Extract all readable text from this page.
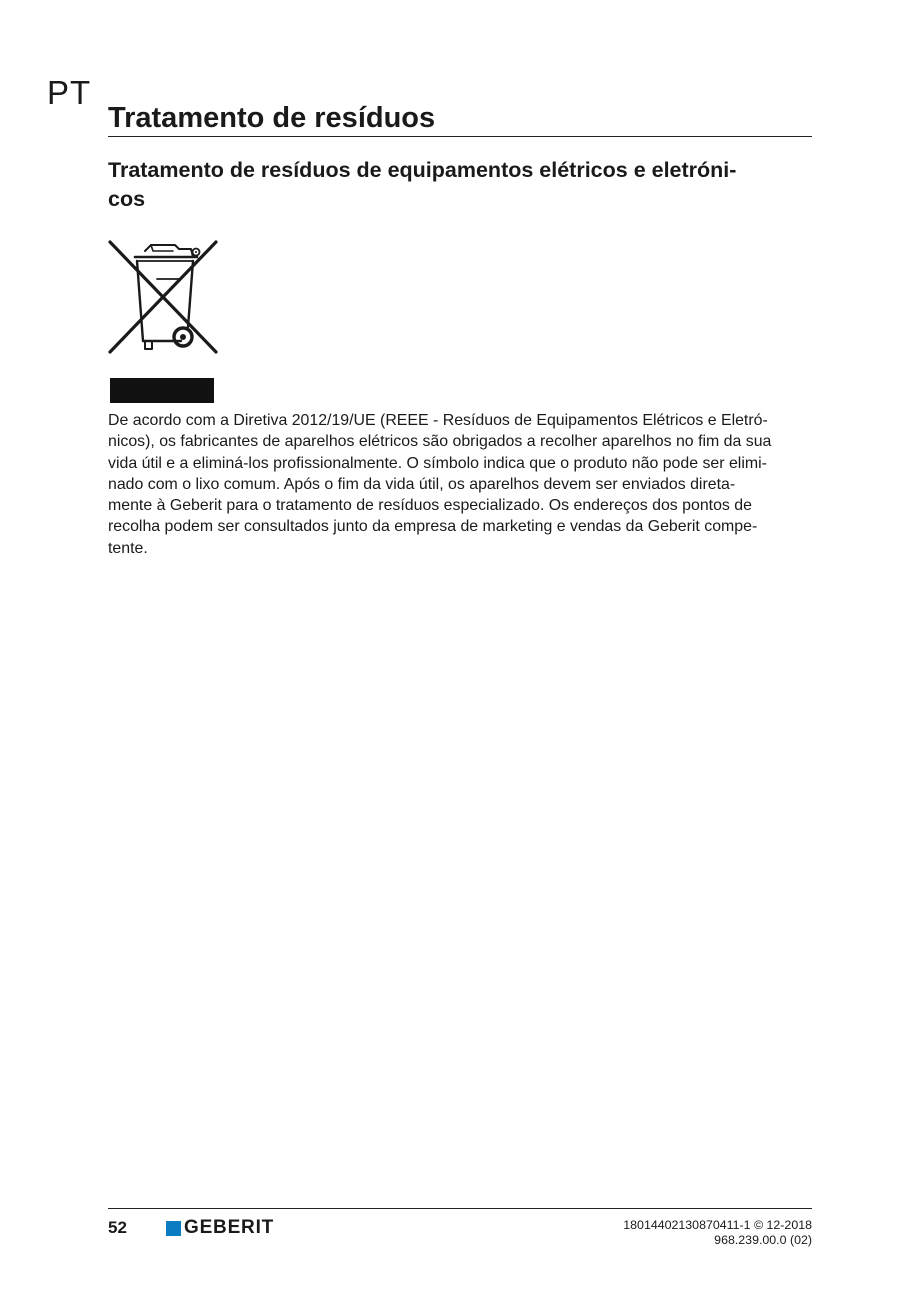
PT
Tratamento de resíduos
Tratamento de resíduos de equipamentos elétricos e eletróni-
cos

De acordo com a Diretiva 2012/19/UE (REEE - Resíduos de Equipamentos Elétricos e Eletró-
nicos), os fabricantes de aparelhos elétricos são obrigados a recolher aparelhos no fim da sua
vida útil e a eliminá-los profissionalmente. O símbolo indica que o produto não pode ser elimi-
nado com o lixo comum. Após o fim da vida útil, os aparelhos devem ser enviados direta-
mente à Geberit para o tratamento de resíduos especializado. Os endereços dos pontos de
recolha podem ser consultados junto da empresa de marketing e vendas da Geberit compe-
tente.

52	GEBERIT	18014402130870411-1 © 12-2018
968.239.00.0 (02)
